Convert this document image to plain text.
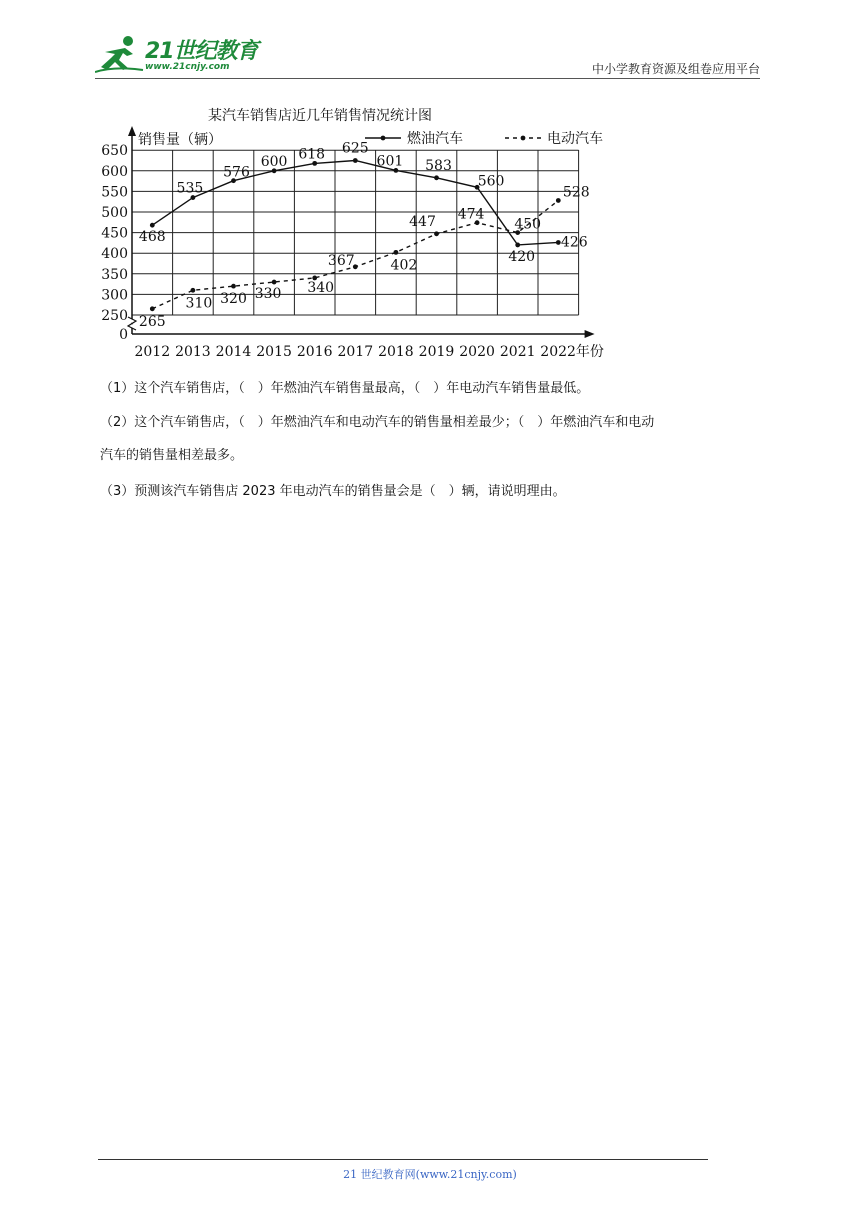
21世纪教育
www.21cnjy.com	中小学教育资源及组卷应用平台
某汽车销售店近几年销售情况统计图
销售量（辆）
0
250
300
350
400
450
500
550
600
650
2012 2013 2014 2015 2016 2017 2018 2019 2020 2021 2022年份
468
535
576
600 618 625
601 583
560
420
426
265
310 320 330 340
367	402
447 474
450
528
燃油汽车	电动汽车
（1）这个汽车销售店，（　）年燃油汽车销售量最高，（　）年电动汽车销售量最低。
（2）这个汽车销售店，（　）年燃油汽车和电动汽车的销售量相差最少；（　）年燃油汽车和电动
汽车的销售量相差最多。
（3）预测该汽车销售店 2023 年电动汽车的销售量会是（　）辆，请说明理由。
21 世纪教育网(www.21cnjy.com)
